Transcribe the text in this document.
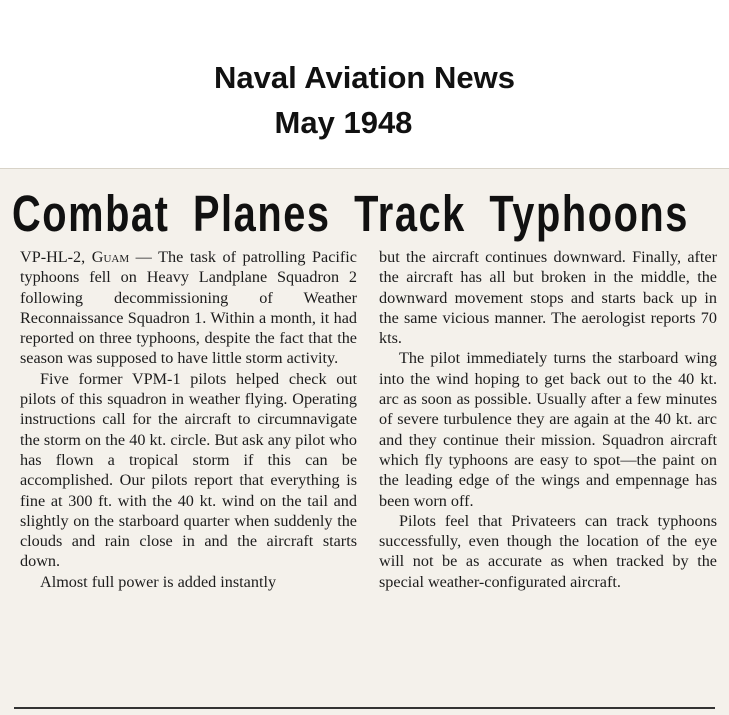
Naval Aviation News
May 1948
Combat Planes Track Typhoons

VP-HL-2, Guam — The task of patrolling Pacific typhoons fell on Heavy Landplane Squadron 2 following decommissioning of Weather Reconnaissance Squadron 1. Within a month, it had reported on three typhoons, despite the fact that the season was supposed to have little storm activity.

Five former VPM-1 pilots helped check out pilots of this squadron in weather flying. Operating instructions call for the aircraft to circumnavigate the storm on the 40 kt. circle. But ask any pilot who has flown a tropical storm if this can be accomplished. Our pilots report that everything is fine at 300 ft. with the 40 kt. wind on the tail and slightly on the starboard quarter when suddenly the clouds and rain close in and the aircraft starts down.

Almost full power is added instantly

but the aircraft continues downward. Finally, after the aircraft has all but broken in the middle, the downward movement stops and starts back up in the same vicious manner. The aerologist reports 70 kts.

The pilot immediately turns the starboard wing into the wind hoping to get back out to the 40 kt. arc as soon as possible. Usually after a few minutes of severe turbulence they are again at the 40 kt. arc and they continue their mission. Squadron aircraft which fly typhoons are easy to spot—the paint on the leading edge of the wings and empennage has been worn off.

Pilots feel that Privateers can track typhoons successfully, even though the location of the eye will not be as accurate as when tracked by the special weather-configurated aircraft.
